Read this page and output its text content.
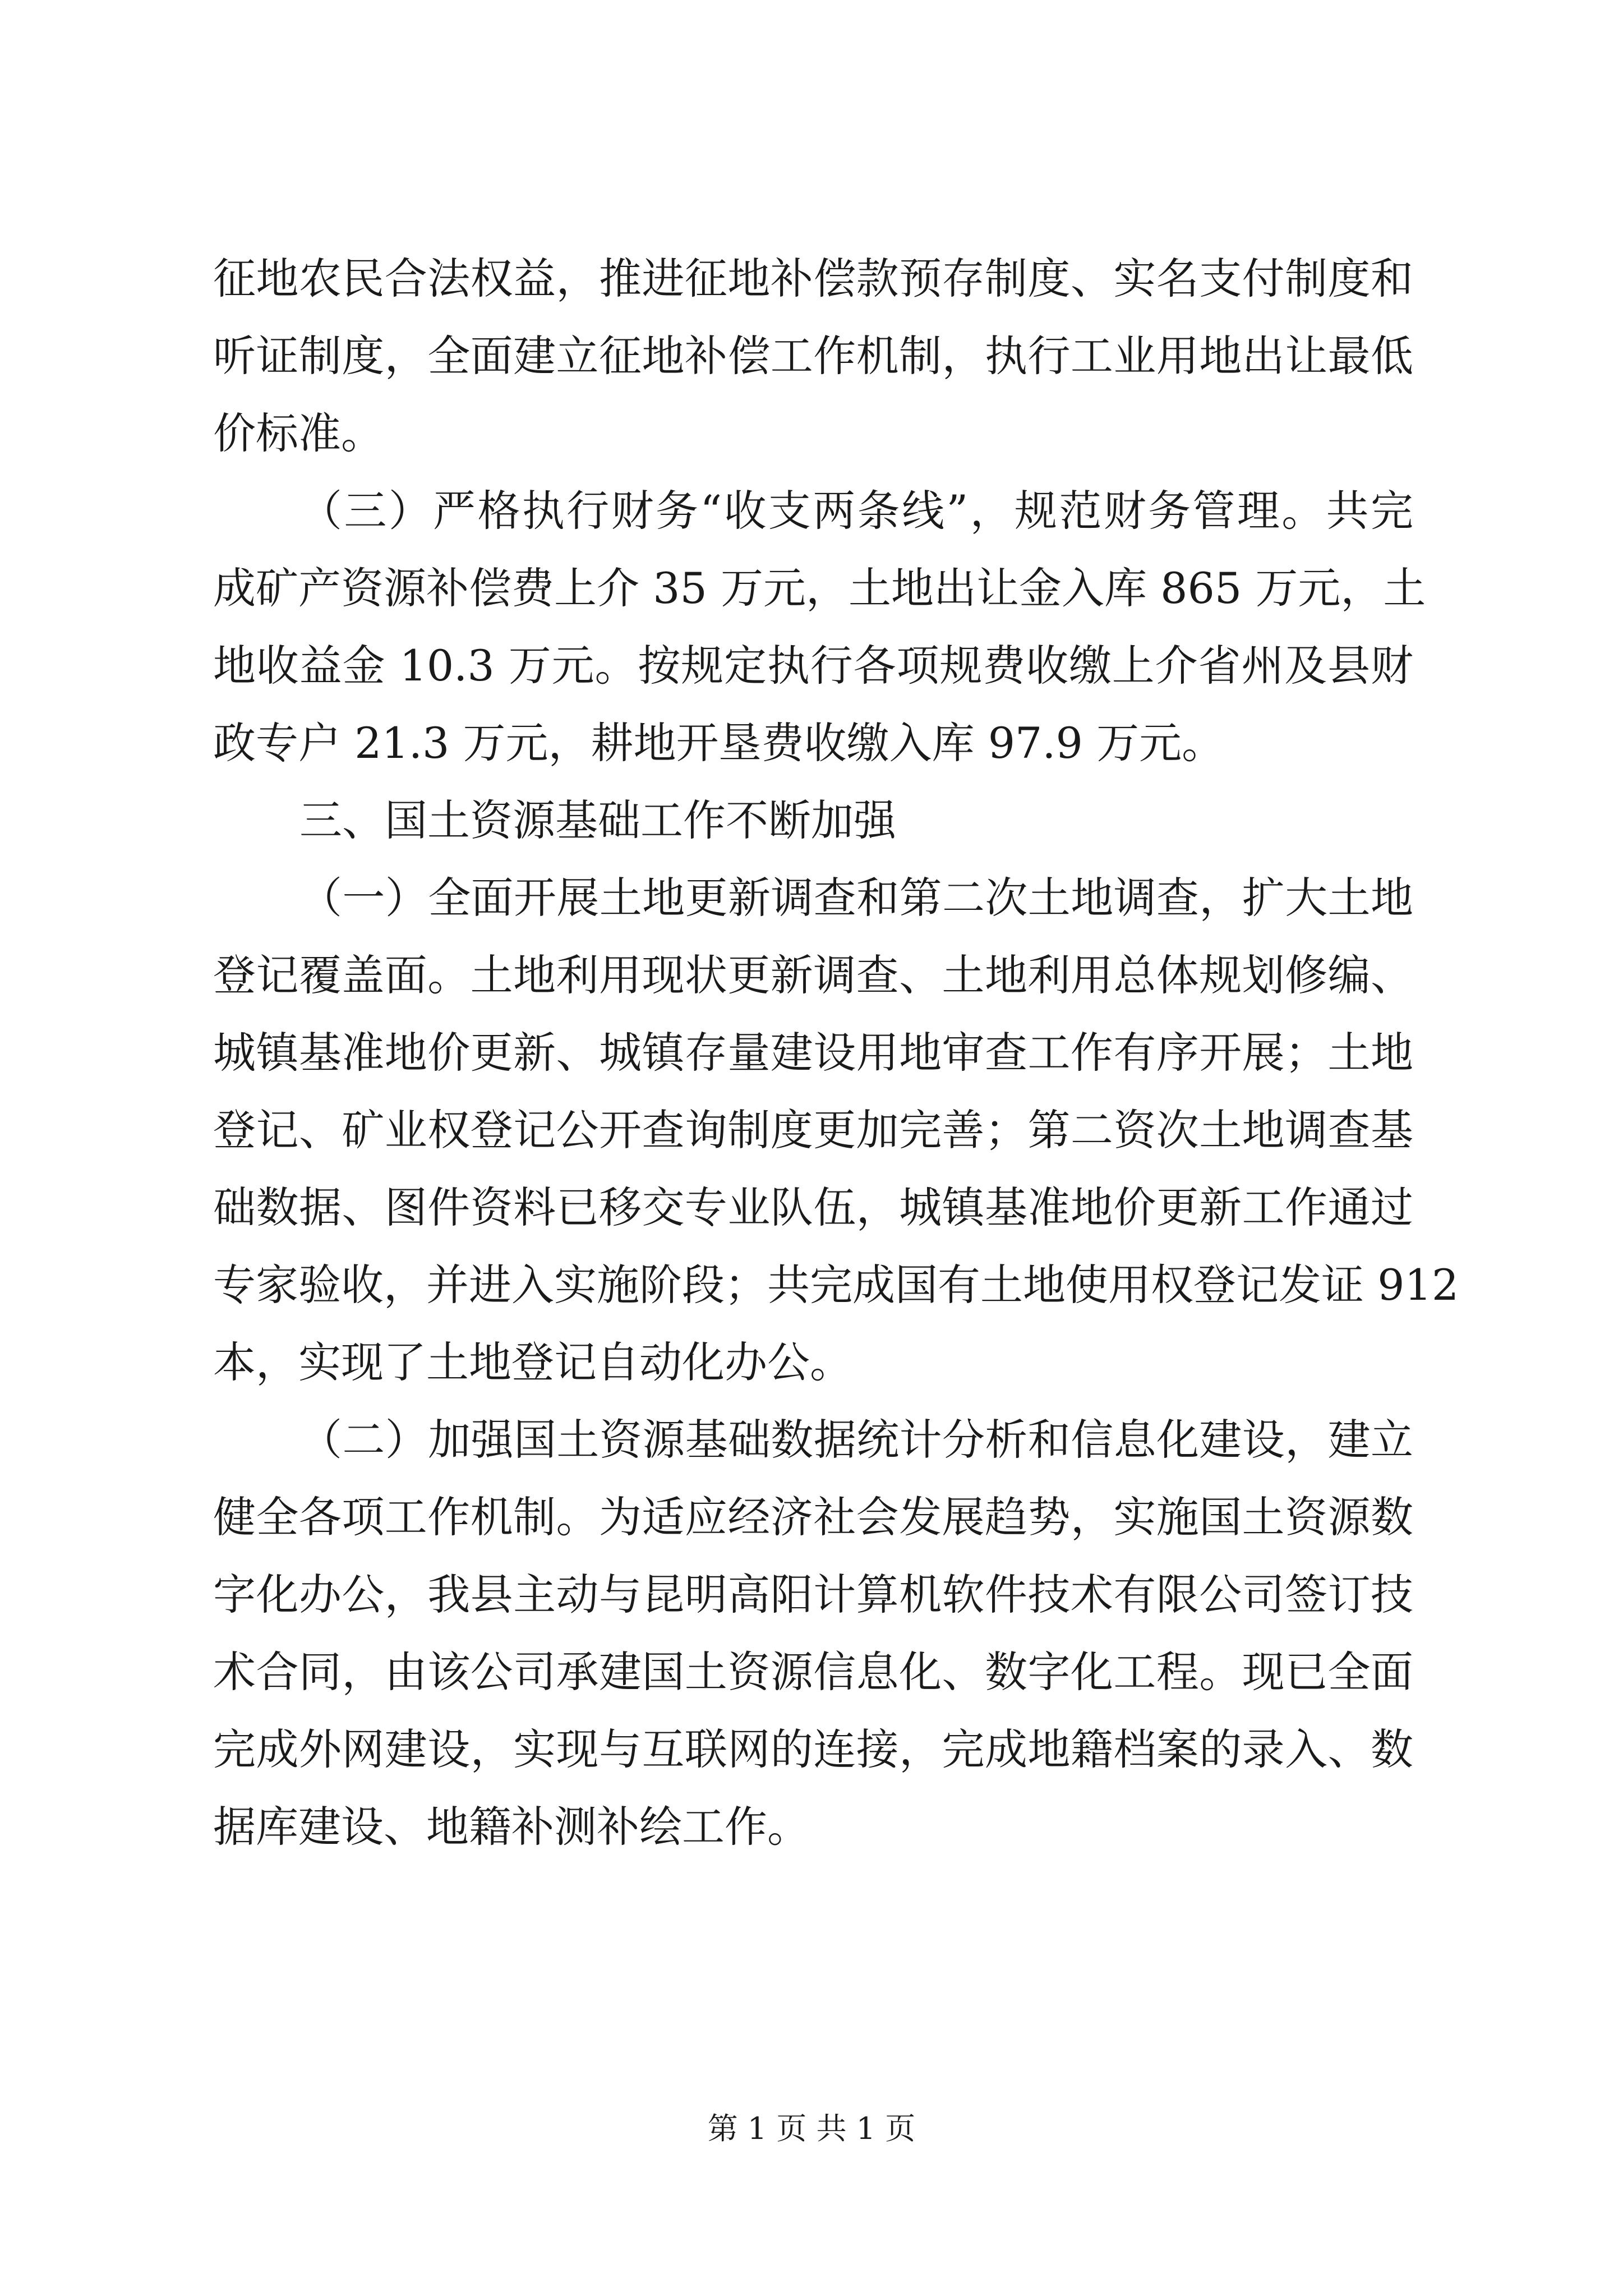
征地农民合法权益，推进征地补偿款预存制度、实名支付制度和
听证制度，全面建立征地补偿工作机制，执行工业用地出让最低
价标准。
（三）严格执行财务“收支两条线”，规范财务管理。共完
成矿产资源补偿费上介 35 万元，土地出让金入库 865 万元，土
地收益金 10.3 万元。按规定执行各项规费收缴上介省州及县财
政专户 21.3 万元，耕地开垦费收缴入库 97.9 万元。
三、国土资源基础工作不断加强
（一）全面开展土地更新调查和第二次土地调查，扩大土地
登记覆盖面。土地利用现状更新调查、土地利用总体规划修编、
城镇基准地价更新、城镇存量建设用地审查工作有序开展；土地
登记、矿业权登记公开查询制度更加完善；第二资次土地调查基
础数据、图件资料已移交专业队伍，城镇基准地价更新工作通过
专家验收，并进入实施阶段；共完成国有土地使用权登记发证 912
本，实现了土地登记自动化办公。
（二）加强国土资源基础数据统计分析和信息化建设，建立
健全各项工作机制。为适应经济社会发展趋势，实施国土资源数
字化办公，我县主动与昆明高阳计算机软件技术有限公司签订技
术合同，由该公司承建国土资源信息化、数字化工程。现已全面
完成外网建设，实现与互联网的连接，完成地籍档案的录入、数
据库建设、地籍补测补绘工作。
第 1 页 共 1 页
